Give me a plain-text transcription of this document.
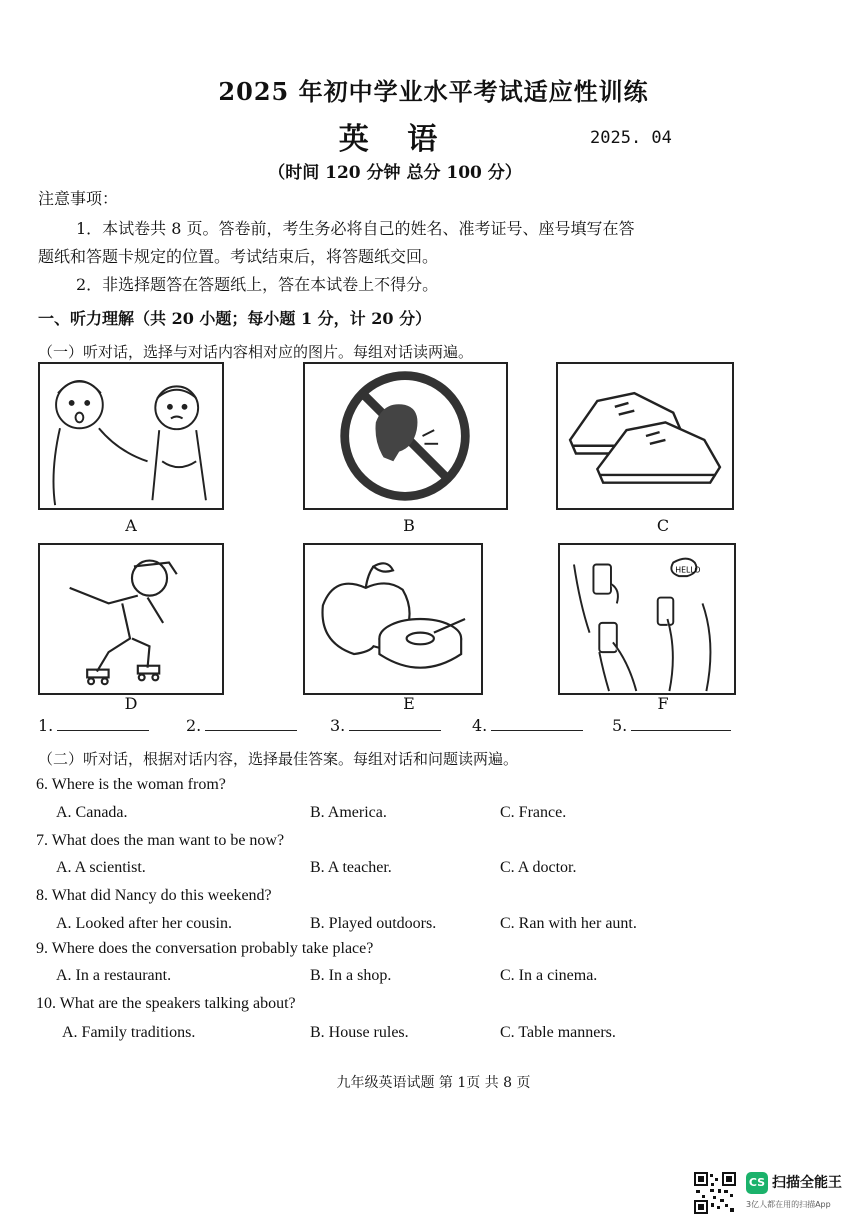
2025 年初中学业水平考试适应性训练
英 语	2025. 04
（时间 120 分钟 总分 100 分）
注意事项：
1．本试卷共 8 页。答卷前，考生务必将自己的姓名、准考证号、座号填写在答
题纸和答题卡规定的位置。考试结束后，将答题纸交回。
2．非选择题答在答题纸上，答在本试卷上不得分。
一、听力理解（共 20 小题；每小题 1 分，计 20 分）
（一）听对话，选择与对话内容相对应的图片。每组对话读两遍。
A	B	C
D	E
HELLO
F
1.	2.	3.	4.	5.
（二）听对话，根据对话内容，选择最佳答案。每组对话和问题读两遍。
6. Where is the woman from?
A. Canada.	B. America.	C. France.
7. What does the man want to be now?
A. A scientist.	B. A teacher.	C. A doctor.
8. What did Nancy do this weekend?
A. Looked after her cousin.	B. Played outdoors.	C. Ran with her aunt.
9. Where does the conversation probably take place?
A. In a restaurant.	B. In a shop.	C. In a cinema.
10. What are the speakers talking about?
A. Family traditions.	B. House rules.	C. Table manners.
九年级英语试题 第 1页 共 8 页
CS 扫描全能王
3亿人都在用的扫描App
